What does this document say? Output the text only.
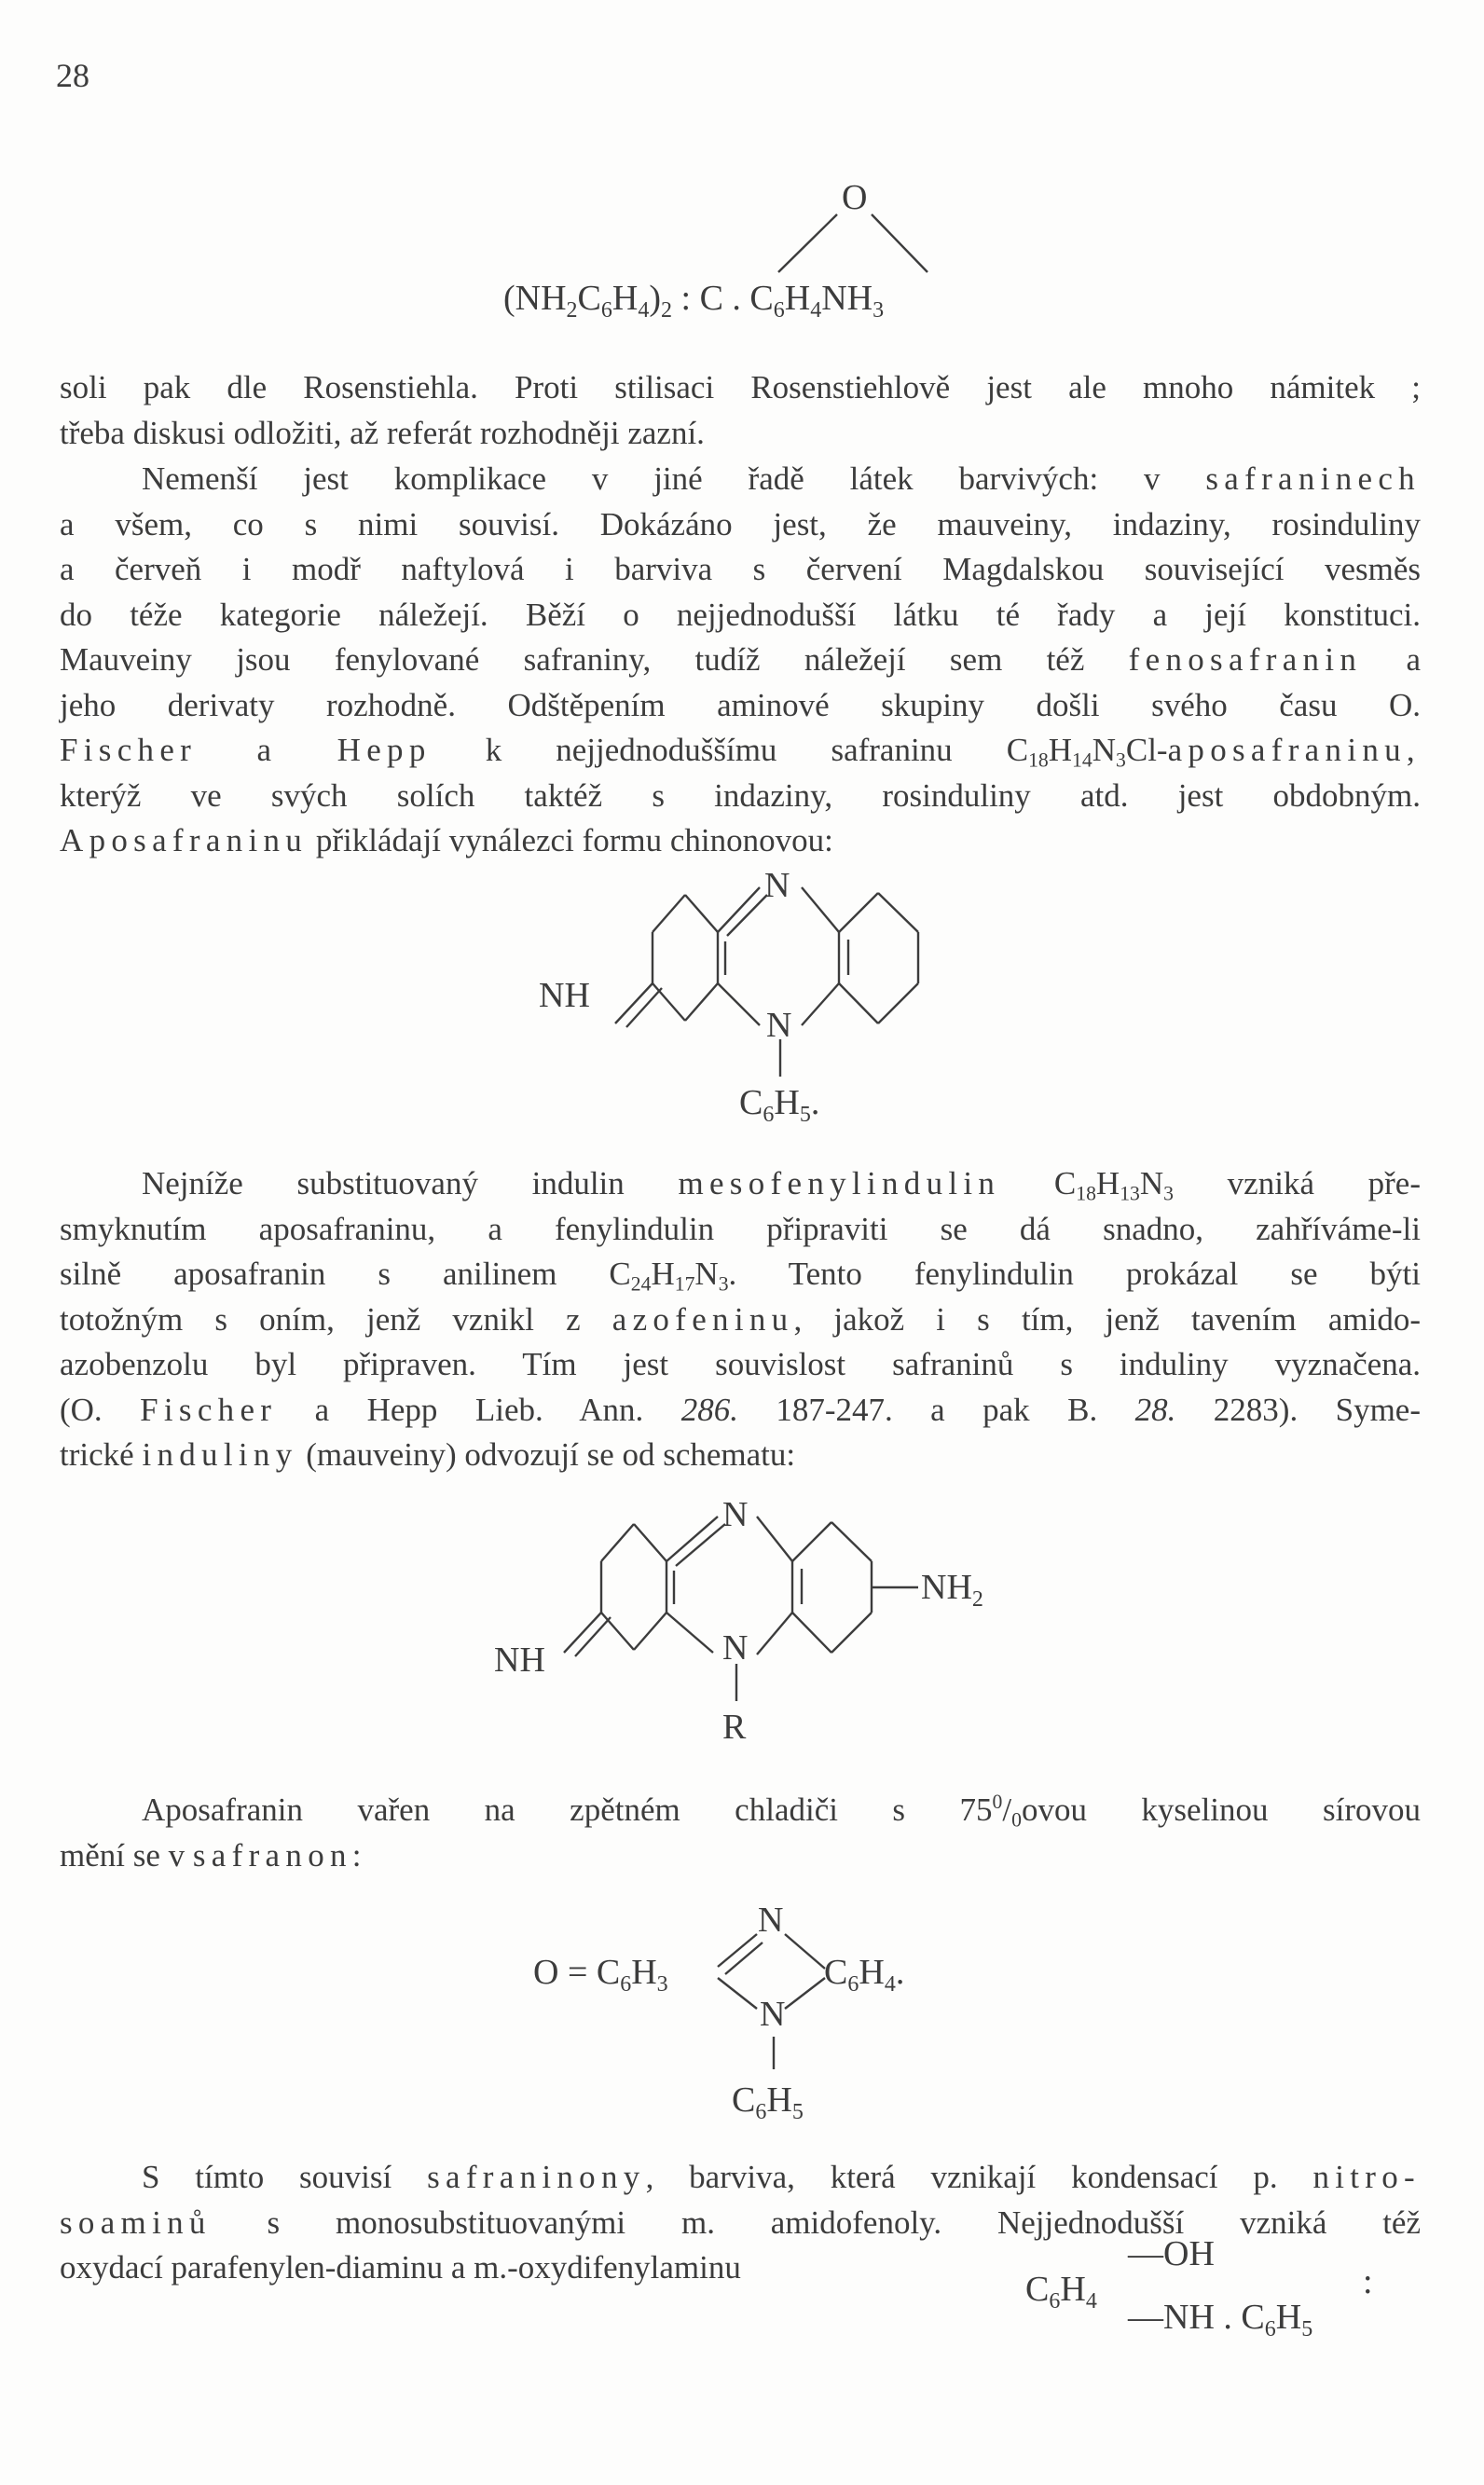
28
O
$(NH_2C_6H_4)_2$ : C . $C_6H_4NH_3$
soli pak dle Rosenstiehla. Proti stilisaci Rosenstiehlově jest ale mnoho námitek ;
třeba diskusi odložiti, až referát rozhodněji zazní.
Nemenší jest komplikace v jiné řadě látek barvivých: v safraninech
a všem, co s nimi souvisí. Dokázáno jest, že mauveiny, indaziny, rosinduliny
a červeň i modř naftylová i barviva s červení Magdalskou související vesměs
do téže kategorie náležejí. Běží o nejjednodušší látku té řady a její konstituci.
Mauveiny jsou fenylované safraniny, tudíž náležejí sem též fenosafranin a
jeho derivaty rozhodně. Odštěpením aminové skupiny došli svého času O.
Fischer a Hepp k nejjednoduššímu safraninu $C_{18}H_{14}N_3Cl$-aposafraninu,
kterýž ve svých solích taktéž s indaziny, rosinduliny atd. jest obdobným.
Aposafraninu přikládají vynálezci formu chinonovou:
N
N
NH
$C_6H_5$.
Nejníže substituovaný indulin mesofenylindulin $C_{18}H_{13}N_3$ vzniká pře-
smyknutím aposafraninu, a fenylindulin připraviti se dá snadno, zahříváme-li
silně aposafranin s anilinem $C_{24}H_{17}N_3$. Tento fenylindulin prokázal se býti
totožným s oním, jenž vznikl z azofeninu, jakož i s tím, jenž tavením amido-
azobenzolu byl připraven. Tím jest souvislost safraninů s induliny vyznačena.
(O. Fischer a Hepp Lieb. Ann. 286. 187-247. a pak B. 28. 2283). Syme-
trické induliny (mauveiny) odvozují se od schematu:
N
N
$NH_2$
NH
R
Aposafranin vařen na zpětném chladiči s $75^0/_0ovou$ kyselinou sírovou
mění se v safranon:
$O = C_6H_3$
N
N
$C_6H_4$.
$C_6H_5$
S tímto souvisí safraninony, barviva, která vznikají kondensací p. nitro-
soaminů s monosubstituovanými m. amidofenoly. Nejjednodušší vzniká též
oxydací parafenylen-diaminu a m.-oxydifenylaminu
$C_6H_4$
—OH
—NH . $C_6H_5$
:
